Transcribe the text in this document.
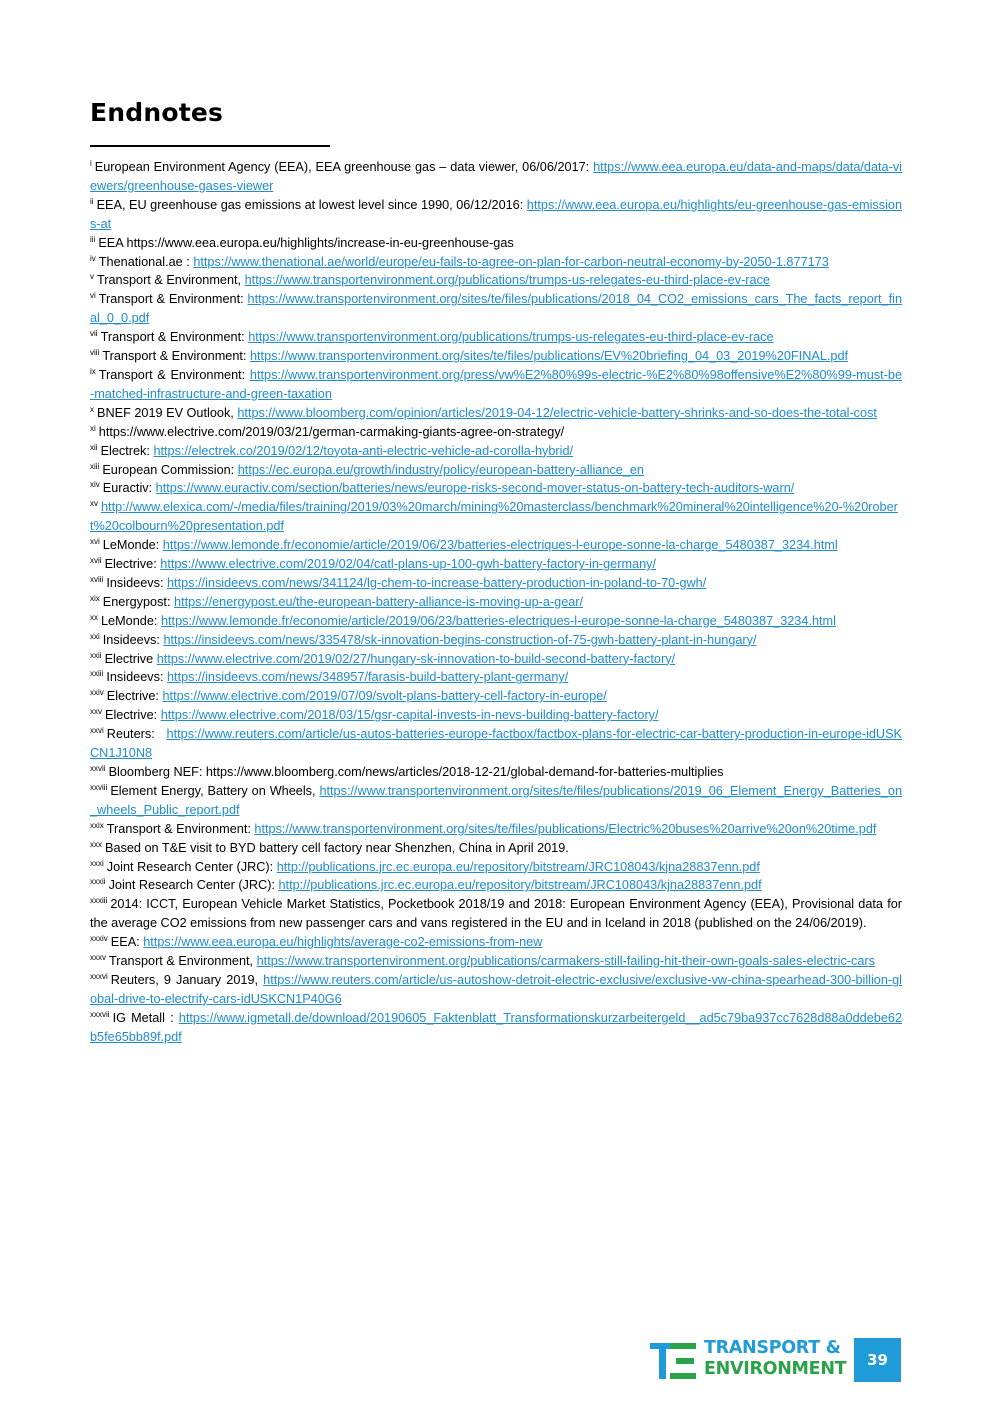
Endnotes

$^i$ European Environment Agency (EEA), EEA greenhouse gas – data viewer, 06/06/2017: https://www.eea.europa.eu/data-and-maps/data/data-viewers/greenhouse-gases-viewer

$^{ii}$ EEA, EU greenhouse gas emissions at lowest level since 1990, 06/12/2016: https://www.eea.europa.eu/highlights/eu-greenhouse-gas-emissions-at

$^{iii}$ EEA https://www.eea.europa.eu/highlights/increase-in-eu-greenhouse-gas

$^{iv}$ Thenational.ae : https://www.thenational.ae/world/europe/eu-fails-to-agree-on-plan-for-carbon-neutral-economy-by-2050-1.877173

$^v$ Transport & Environment, https://www.transportenvironment.org/publications/trumps-us-relegates-eu-third-place-ev-race

$^{vi}$ Transport & Environment: https://www.transportenvironment.org/sites/te/files/publications/2018_04_CO2_emissions_cars_The_facts_report_final_0_0.pdf

$^{vii}$ Transport & Environment: https://www.transportenvironment.org/publications/trumps-us-relegates-eu-third-place-ev-race

$^{viii}$ Transport & Environment: https://www.transportenvironment.org/sites/te/files/publications/EV%20briefing_04_03_2019%20FINAL.pdf

$^{ix}$ Transport & Environment: https://www.transportenvironment.org/press/vw%E2%80%99s-electric-%E2%80%98offensive%E2%80%99-must-be-matched-infrastructure-and-green-taxation

$^x$ BNEF 2019 EV Outlook, https://www.bloomberg.com/opinion/articles/2019-04-12/electric-vehicle-battery-shrinks-and-so-does-the-total-cost

$^{xi}$ https://www.electrive.com/2019/03/21/german-carmaking-giants-agree-on-strategy/

$^{xii}$ Electrek: https://electrek.co/2019/02/12/toyota-anti-electric-vehicle-ad-corolla-hybrid/

$^{xiii}$ European Commission: https://ec.europa.eu/growth/industry/policy/european-battery-alliance_en

$^{xiv}$ Euractiv: https://www.euractiv.com/section/batteries/news/europe-risks-second-mover-status-on-battery-tech-auditors-warn/

$^{xv}$ http://www.elexica.com/-/media/files/training/2019/03%20march/mining%20masterclass/benchmark%20mineral%20intelligence%20-%20robert%20colbourn%20presentation.pdf

$^{xvi}$ LeMonde: https://www.lemonde.fr/economie/article/2019/06/23/batteries-electriques-l-europe-sonne-la-charge_5480387_3234.html

$^{xvii}$ Electrive: https://www.electrive.com/2019/02/04/catl-plans-up-100-gwh-battery-factory-in-germany/

$^{xviii}$ Insideevs: https://insideevs.com/news/341124/lg-chem-to-increase-battery-production-in-poland-to-70-gwh/

$^{xix}$ Energypost: https://energypost.eu/the-european-battery-alliance-is-moving-up-a-gear/

$^{xx}$ LeMonde: https://www.lemonde.fr/economie/article/2019/06/23/batteries-electriques-l-europe-sonne-la-charge_5480387_3234.html

$^{xxi}$ Insideevs: https://insideevs.com/news/335478/sk-innovation-begins-construction-of-75-gwh-battery-plant-in-hungary/

$^{xxii}$ Electrive https://www.electrive.com/2019/02/27/hungary-sk-innovation-to-build-second-battery-factory/

$^{xxiii}$ Insideevs: https://insideevs.com/news/348957/farasis-build-battery-plant-germany/

$^{xxiv}$ Electrive: https://www.electrive.com/2019/07/09/svolt-plans-battery-cell-factory-in-europe/

$^{xxv}$ Electrive: https://www.electrive.com/2018/03/15/gsr-capital-invests-in-nevs-building-battery-factory/

$^{xxvi}$ Reuters: https://www.reuters.com/article/us-autos-batteries-europe-factbox/factbox-plans-for-electric-car-battery-production-in-europe-idUSKCN1J10N8

$^{xxvii}$ Bloomberg NEF: https://www.bloomberg.com/news/articles/2018-12-21/global-demand-for-batteries-multiplies

$^{xxviii}$ Element Energy, Battery on Wheels, https://www.transportenvironment.org/sites/te/files/publications/2019_06_Element_Energy_Batteries_on_wheels_Public_report.pdf

$^{xxix}$ Transport & Environment: https://www.transportenvironment.org/sites/te/files/publications/Electric%20buses%20arrive%20on%20time.pdf

$^{xxx}$ Based on T&E visit to BYD battery cell factory near Shenzhen, China in April 2019.

$^{xxxi}$ Joint Research Center (JRC): http://publications.jrc.ec.europa.eu/repository/bitstream/JRC108043/kjna28837enn.pdf

$^{xxxii}$ Joint Research Center (JRC): http://publications.jrc.ec.europa.eu/repository/bitstream/JRC108043/kjna28837enn.pdf

$^{xxxiii}$ 2014: ICCT, European Vehicle Market Statistics, Pocketbook 2018/19 and 2018: European Environment Agency (EEA), Provisional data for the average CO2 emissions from new passenger cars and vans registered in the EU and in Iceland in 2018 (published on the 24/06/2019).

$^{xxxiv}$ EEA: https://www.eea.europa.eu/highlights/average-co2-emissions-from-new

$^{xxxv}$ Transport & Environment, https://www.transportenvironment.org/publications/carmakers-still-failing-hit-their-own-goals-sales-electric-cars

$^{xxxvi}$ Reuters, 9 January 2019, https://www.reuters.com/article/us-autoshow-detroit-electric-exclusive/exclusive-vw-china-spearhead-300-billion-global-drive-to-electrify-cars-idUSKCN1P40G6

$^{xxxvii}$ IG Metall : https://www.igmetall.de/download/20190605_Faktenblatt_Transformationskurzarbeitergeld__ad5c79ba937cc7628d88a0ddebe62b5fe65bb89f.pdf

TRANSPORT &
ENVIRONMENT	39
